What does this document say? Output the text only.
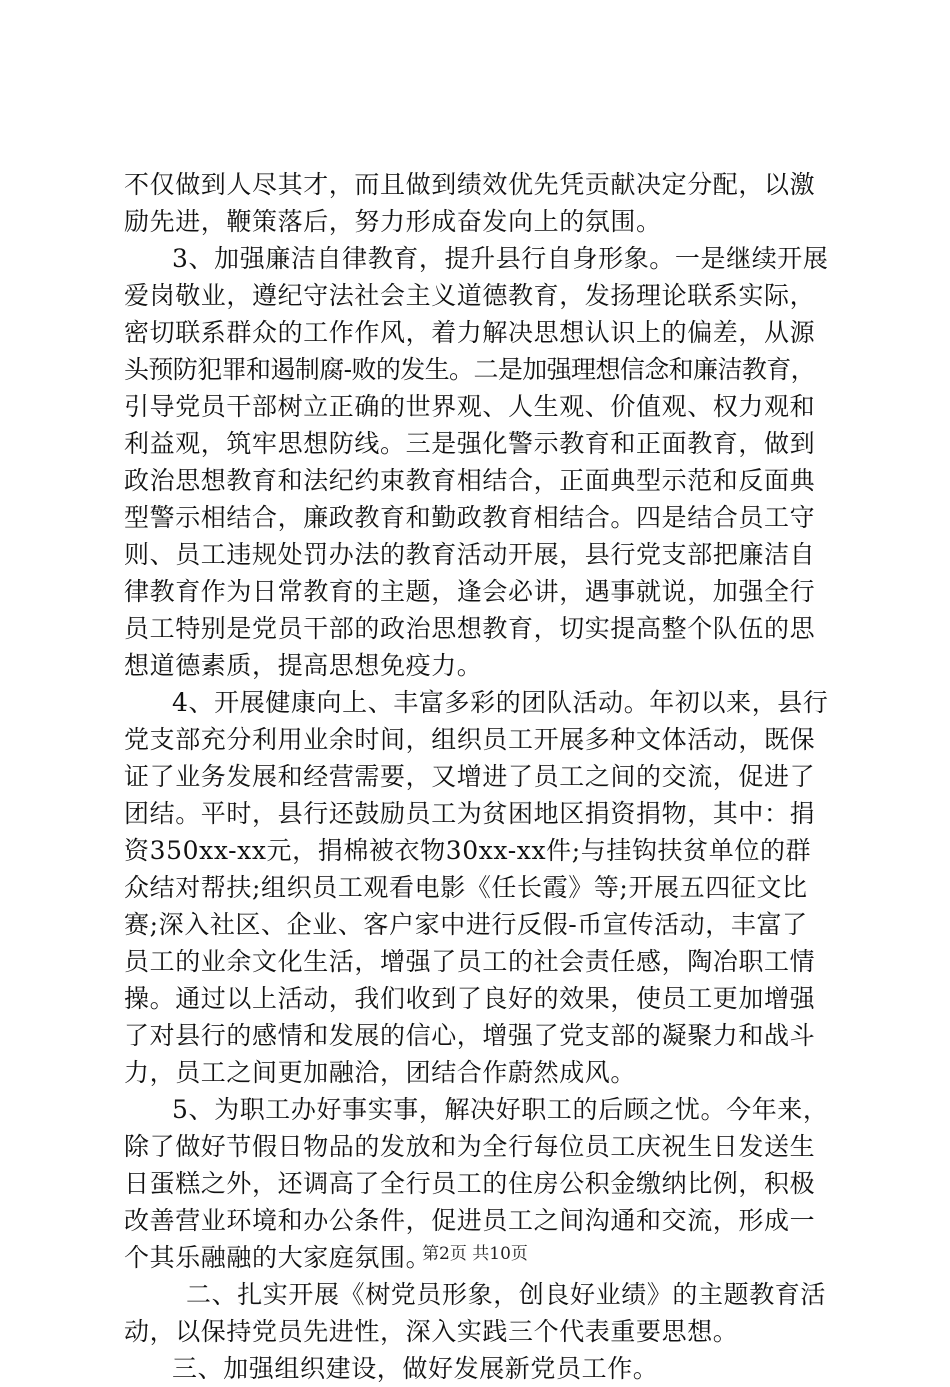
不仅做到人尽其才，而且做到绩效优先凭贡献决定分配，以激
励先进，鞭策落后，努力形成奋发向上的氛围。
3、加强廉洁自律教育，提升县行自身形象。一是继续开展
爱岗敬业，遵纪守法社会主义道德教育，发扬理论联系实际，
密切联系群众的工作作风，着力解决思想认识上的偏差，从源
头预防犯罪和遏制腐-败的发生。二是加强理想信念和廉洁教育，
引导党员干部树立正确的世界观、人生观、价值观、权力观和
利益观，筑牢思想防线。三是强化警示教育和正面教育，做到
政治思想教育和法纪约束教育相结合，正面典型示范和反面典
型警示相结合，廉政教育和勤政教育相结合。四是结合员工守
则、员工违规处罚办法的教育活动开展，县行党支部把廉洁自
律教育作为日常教育的主题，逢会必讲，遇事就说，加强全行
员工特别是党员干部的政治思想教育，切实提高整个队伍的思
想道德素质，提高思想免疫力。
4、开展健康向上、丰富多彩的团队活动。年初以来，县行
党支部充分利用业余时间，组织员工开展多种文体活动，既保
证了业务发展和经营需要，又增进了员工之间的交流，促进了
团结。平时，县行还鼓励员工为贫困地区捐资捐物，其中：捐
资350xx-xx元，捐棉被衣物30xx-xx件;与挂钩扶贫单位的群
众结对帮扶;组织员工观看电影《任长霞》等;开展五四征文比
赛;深入社区、企业、客户家中进行反假-币宣传活动，丰富了
员工的业余文化生活，增强了员工的社会责任感，陶冶职工情
操。通过以上活动，我们收到了良好的效果，使员工更加增强
了对县行的感情和发展的信心，增强了党支部的凝聚力和战斗
力，员工之间更加融洽，团结合作蔚然成风。
5、为职工办好事实事，解决好职工的后顾之忧。今年来，
除了做好节假日物品的发放和为全行每位员工庆祝生日发送生
日蛋糕之外，还调高了全行员工的住房公积金缴纳比例，积极
改善营业环境和办公条件，促进员工之间沟通和交流，形成一
个其乐融融的大家庭氛围。
二、扎实开展《树党员形象，创良好业绩》的主题教育活
动，以保持党员先进性，深入实践三个代表重要思想。
三、加强组织建设，做好发展新党员工作。
第2页 共10页
